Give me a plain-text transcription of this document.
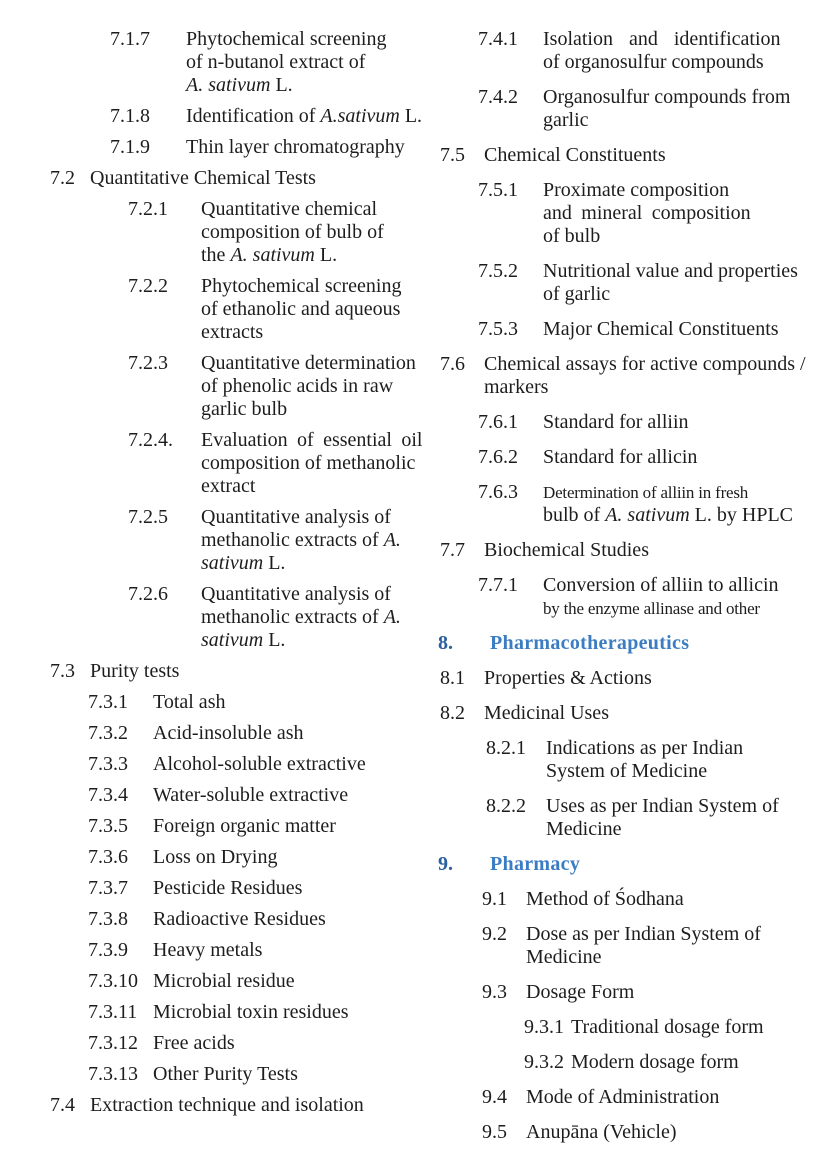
7.1.7	Phytochemical screening
of n-butanol extract of
A. sativum L.
7.1.8	Identification of A.sativum L.
7.1.9	Thin layer chromatography
7.2 Quantitative Chemical Tests
7.2.1	Quantitative chemical
composition of bulb of
the A. sativum L.
7.2.2	Phytochemical screening
of ethanolic and aqueous
extracts
7.2.3	Quantitative determination
of phenolic acids in raw
garlic bulb
7.2.4.	Evaluation of essential oil
composition of methanolic
extract
7.2.5	Quantitative analysis of
methanolic extracts of A.
sativum L.
7.2.6	Quantitative analysis of
methanolic extracts of A.
sativum L.
7.3 Purity tests
7.3.1	Total ash
7.3.2	Acid-insoluble ash
7.3.3	Alcohol-soluble extractive
7.3.4	Water-soluble extractive
7.3.5	Foreign organic matter
7.3.6	Loss on Drying
7.3.7	Pesticide Residues
7.3.8	Radioactive Residues
7.3.9	Heavy metals
7.3.10 Microbial residue
7.3.11 Microbial toxin residues
7.3.12 Free acids
7.3.13 Other Purity Tests
7.4 Extraction technique and isolation
7.4.1	Isolation and identification
of organosulfur compounds
7.4.2	Organosulfur compounds from
garlic
7.5 Chemical Constituents
7.5.1	Proximate composition
and mineral composition
of bulb
7.5.2	Nutritional value and properties
of garlic
7.5.3	Major Chemical Constituents
7.6 Chemical assays for active compounds /
markers
7.6.1	Standard for alliin
7.6.2	Standard for allicin
7.6.3	Determination of alliin in fresh
bulb of A. sativum L. by HPLC
7.7 Biochemical Studies
7.7.1	Conversion of alliin to allicin
by the enzyme allinase and other
8.	Pharmacotherapeutics
8.1 Properties & Actions
8.2 Medicinal Uses
8.2.1	Indications as per Indian
System of Medicine
8.2.2	Uses as per Indian System of
Medicine
9.	Pharmacy
9.1 Method of Śodhana
9.2 Dose as per Indian System of
Medicine
9.3 Dosage Form
9.3.1 Traditional dosage form
9.3.2 Modern dosage form
9.4 Mode of Administration
9.5 Anupāna (Vehicle)
